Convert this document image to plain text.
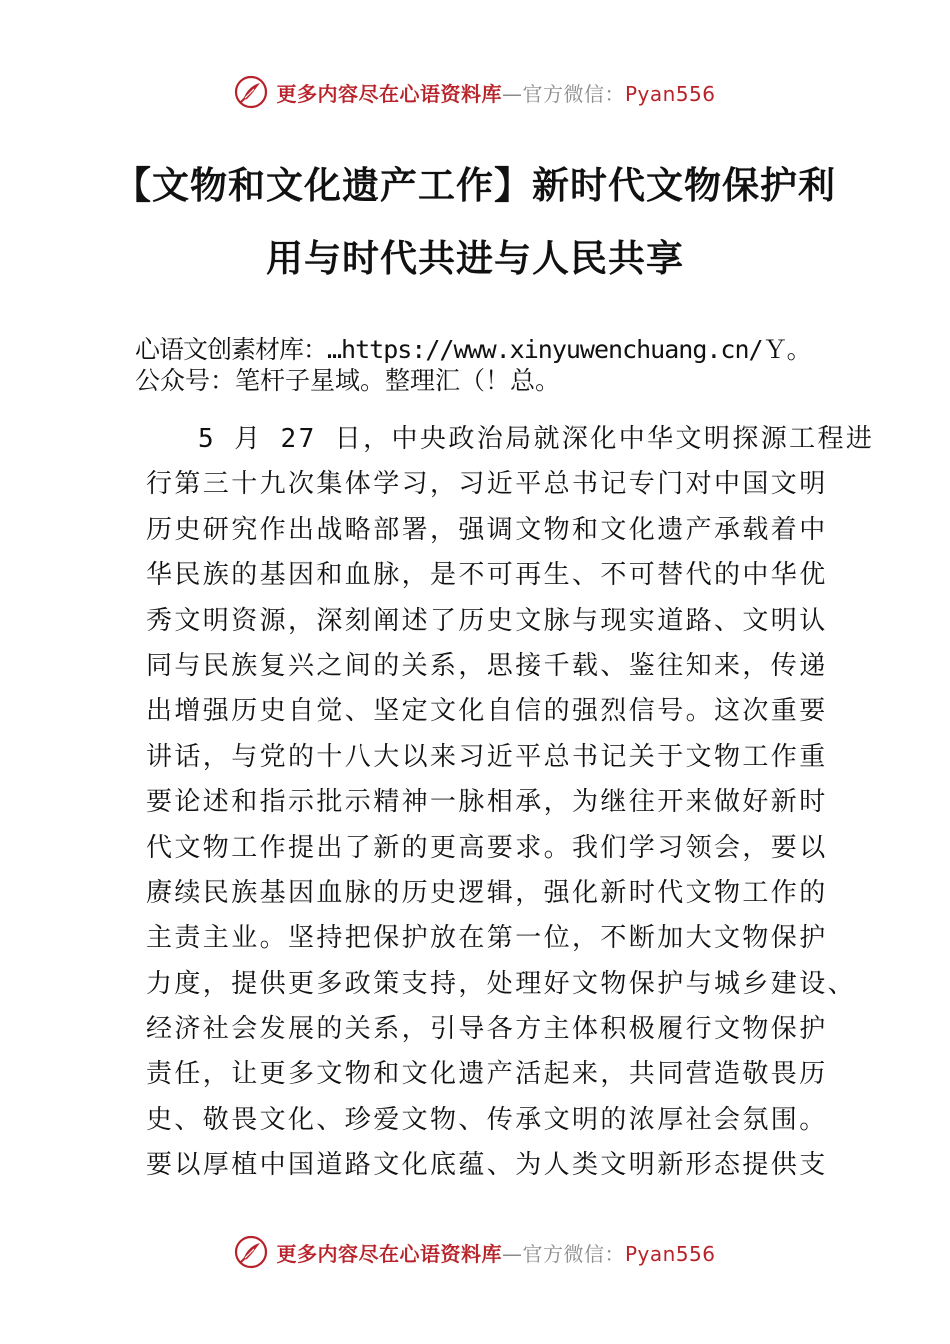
更多内容尽在心语资料库 — 官方微信： Pyan556
【文物和文化遗产工作】新时代文物保护利
用与时代共进与人民共享
心语文创素材库：…https://www.xinyuwenchuang.cn/Ｙ。
公众号：笔杆子星域。整理汇（！总。
5 月 27 日，中央政治局就深化中华文明探源工程进
行第三十九次集体学习，习近平总书记专门对中国文明
历史研究作出战略部署，强调文物和文化遗产承载着中
华民族的基因和血脉，是不可再生、不可替代的中华优
秀文明资源，深刻阐述了历史文脉与现实道路、文明认
同与民族复兴之间的关系，思接千载、鉴往知来，传递
出增强历史自觉、坚定文化自信的强烈信号。这次重要
讲话，与党的十八大以来习近平总书记关于文物工作重
要论述和指示批示精神一脉相承，为继往开来做好新时
代文物工作提出了新的更高要求。我们学习领会，要以
赓续民族基因血脉的历史逻辑，强化新时代文物工作的
主责主业。坚持把保护放在第一位，不断加大文物保护
力度，提供更多政策支持，处理好文物保护与城乡建设、
经济社会发展的关系，引导各方主体积极履行文物保护
责任，让更多文物和文化遗产活起来，共同营造敬畏历
史、敬畏文化、珍爱文物、传承文明的浓厚社会氛围。
要以厚植中国道路文化底蕴、为人类文明新形态提供支
更多内容尽在心语资料库 — 官方微信： Pyan556
